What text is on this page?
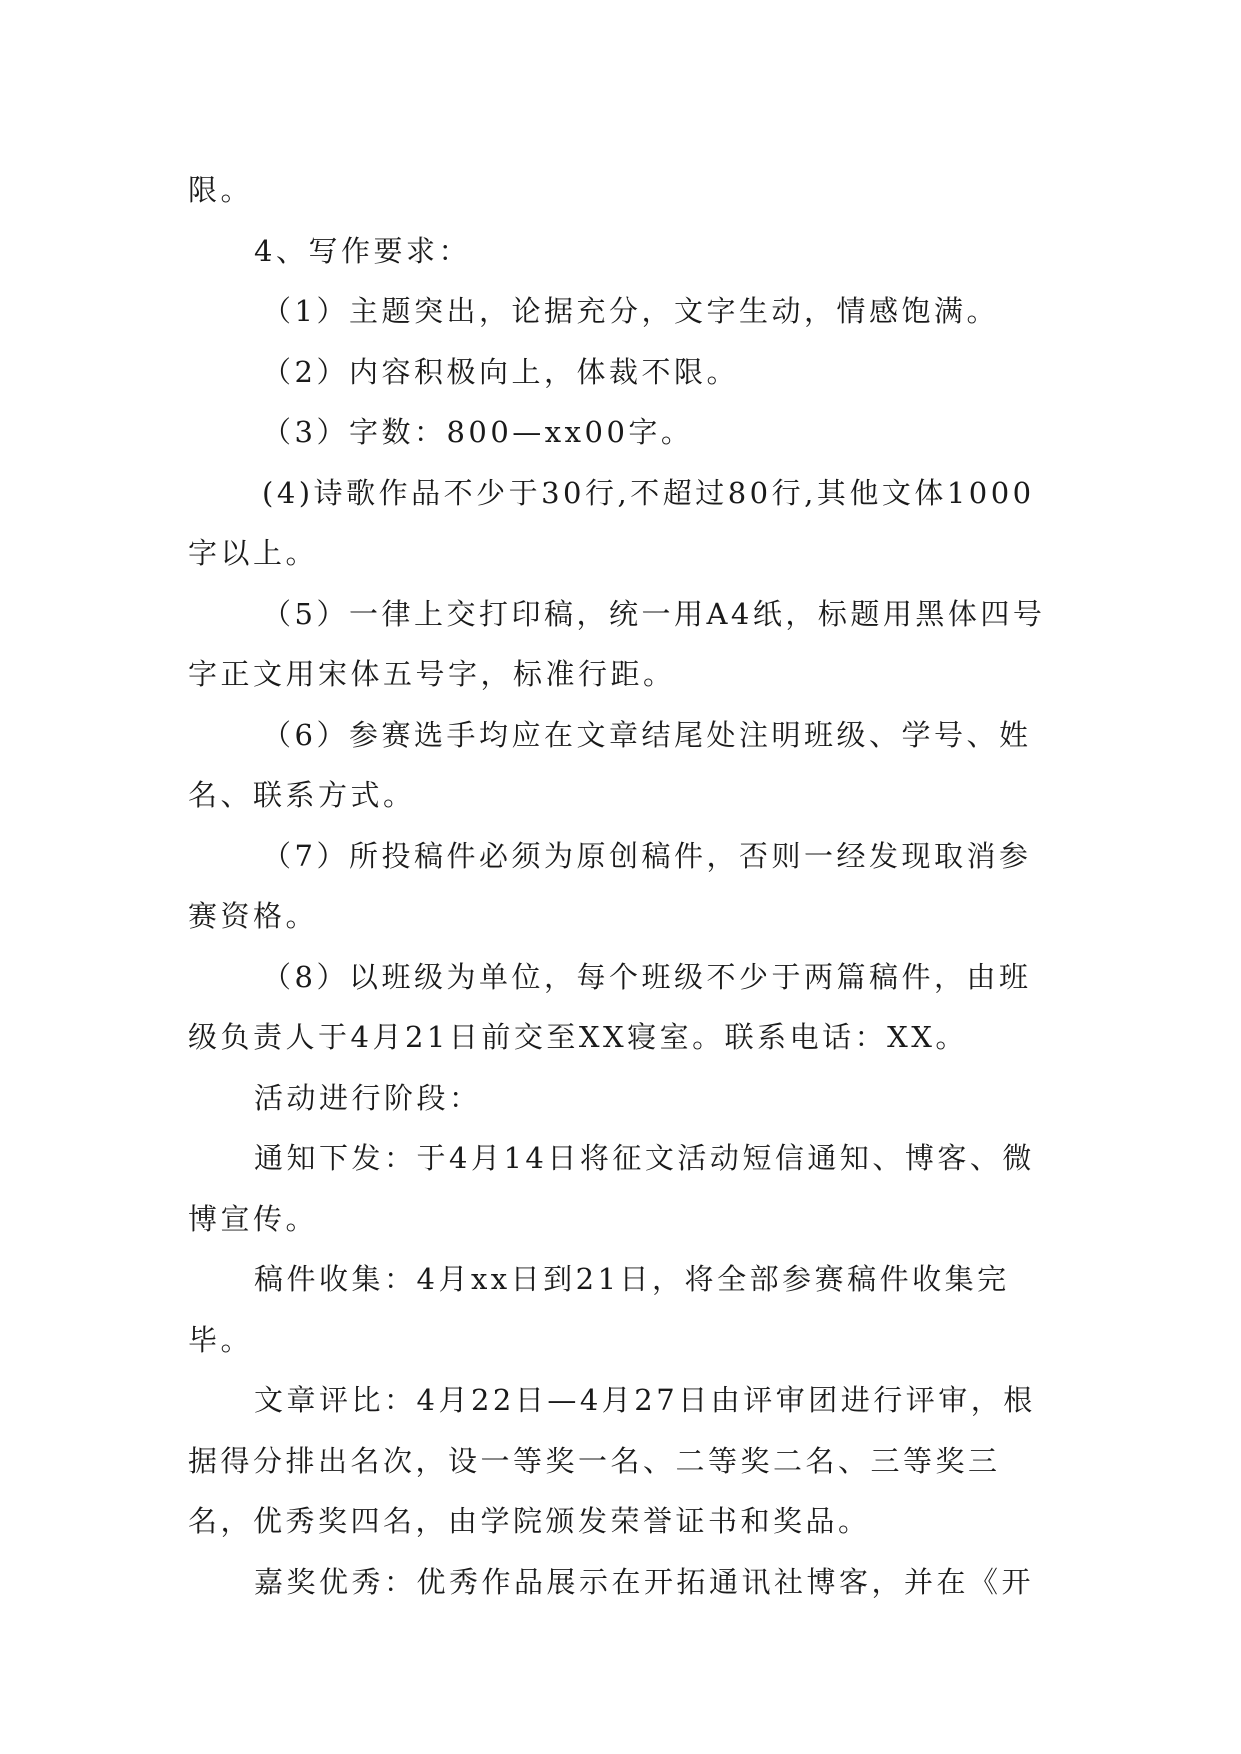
限。

4、写作要求：

（1）主题突出，论据充分，文字生动，情感饱满。

（2）内容积极向上，体裁不限。

（3）字数：800—xx00字。

(4)诗歌作品不少于30行,不超过80行,其他文体1000字以上。

（5）一律上交打印稿，统一用A4纸，标题用黑体四号字正文用宋体五号字，标准行距。

（6）参赛选手均应在文章结尾处注明班级、学号、姓名、联系方式。

（7）所投稿件必须为原创稿件，否则一经发现取消参赛资格。

（8）以班级为单位，每个班级不少于两篇稿件，由班级负责人于4月21日前交至XX寝室。联系电话：XX。

活动进行阶段：

通知下发：于4月14日将征文活动短信通知、博客、微博宣传。

稿件收集：4月xx日到21日，将全部参赛稿件收集完毕。

文章评比：4月22日—4月27日由评审团进行评审，根据得分排出名次，设一等奖一名、二等奖二名、三等奖三名，优秀奖四名，由学院颁发荣誉证书和奖品。

嘉奖优秀：优秀作品展示在开拓通讯社博客，并在《开
